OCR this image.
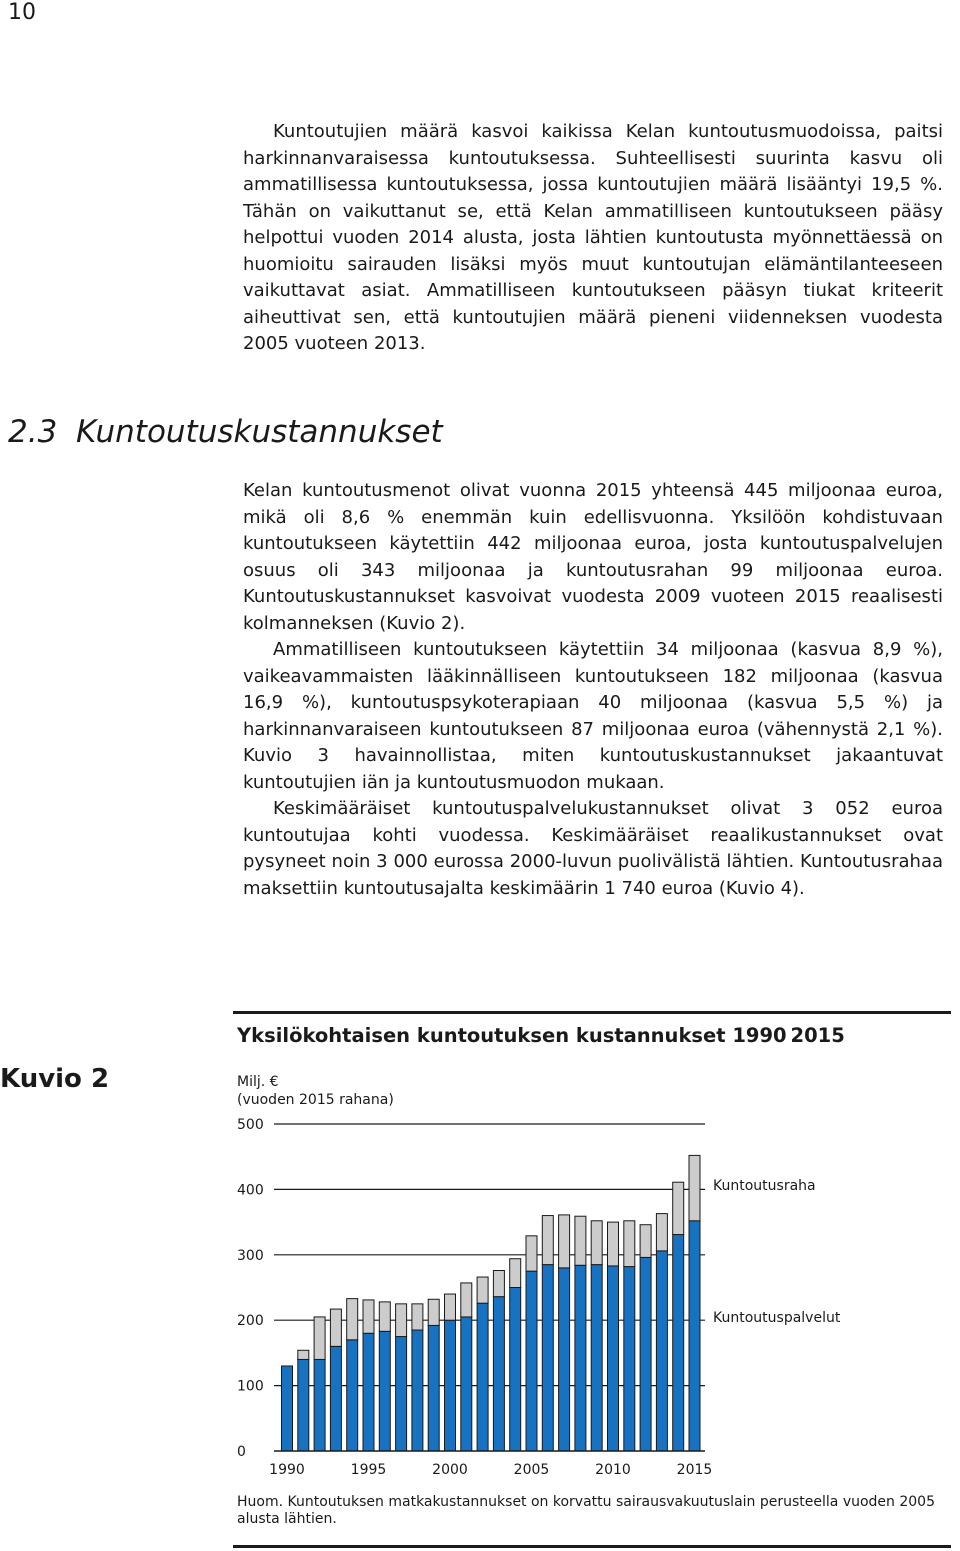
10

Kuntoutujien määrä kasvoi kaikissa Kelan kuntoutusmuodoissa, paitsi harkinnanvaraisessa kuntoutuksessa. Suhteellisesti suurinta kasvu oli ammatillisessa kuntoutuksessa, jossa kuntoutujien määrä lisääntyi 19,5 %. Tähän on vaikuttanut se, että Kelan ammatilliseen kuntoutukseen pääsy helpottui vuoden 2014 alusta, josta lähtien kuntoutusta myönnettäessä on huomioitu sairauden lisäksi myös muut kuntoutujan elämäntilanteeseen vaikuttavat asiat. Ammatilliseen kuntoutukseen pääsyn tiukat kriteerit aiheuttivat sen, että kuntoutujien määrä pieneni viidenneksen vuodesta 2005 vuoteen 2013.

2.3 Kuntoutuskustannukset

Kelan kuntoutusmenot olivat vuonna 2015 yhteensä 445 miljoonaa euroa, mikä oli 8,6 % enemmän kuin edellisvuonna. Yksilöön kohdistuvaan kuntoutukseen käytettiin 442 miljoonaa euroa, josta kuntoutuspalvelujen osuus oli 343 miljoonaa ja kuntoutusrahan 99 miljoonaa euroa. Kuntoutuskustannukset kasvoivat vuodesta 2009 vuoteen 2015 reaalisesti kolmanneksen (Kuvio 2).

Ammatilliseen kuntoutukseen käytettiin 34 miljoonaa (kasvua 8,9 %), vaikeavammaisten lääkinnälliseen kuntoutukseen 182 miljoonaa (kasvua 16,9 %), kuntoutuspsykoterapiaan 40 miljoonaa (kasvua 5,5 %) ja harkinnanvaraiseen kuntoutukseen 87 miljoonaa euroa (vähennystä 2,1 %). Kuvio 3 havainnollistaa, miten kuntoutuskustannukset jakaantuvat kuntoutujien iän ja kuntoutusmuodon mukaan.

Keskimääräiset kuntoutuspalvelukustannukset olivat 3 052 euroa kuntoutujaa kohti vuodessa. Keskimääräiset reaalikustannukset ovat pysyneet noin 3 000 eurossa 2000-luvun puolivälistä lähtien. Kuntoutusrahaa maksettiin kuntoutusajalta keskimäärin 1 740 euroa (Kuvio 4).

Kuvio 2
Yksilökohtaisen kuntoutuksen kustannukset 1990 2015
Milj. €
(vuoden 2015 rahana)
0
100
200
300
400
500
1990	1995	2000	2005	2010	2015
Kuntoutusraha
Kuntoutuspalvelut
Huom. Kuntoutuksen matkakustannukset on korvattu sairausvakuutuslain perusteella vuoden 2005 alusta lähtien.
